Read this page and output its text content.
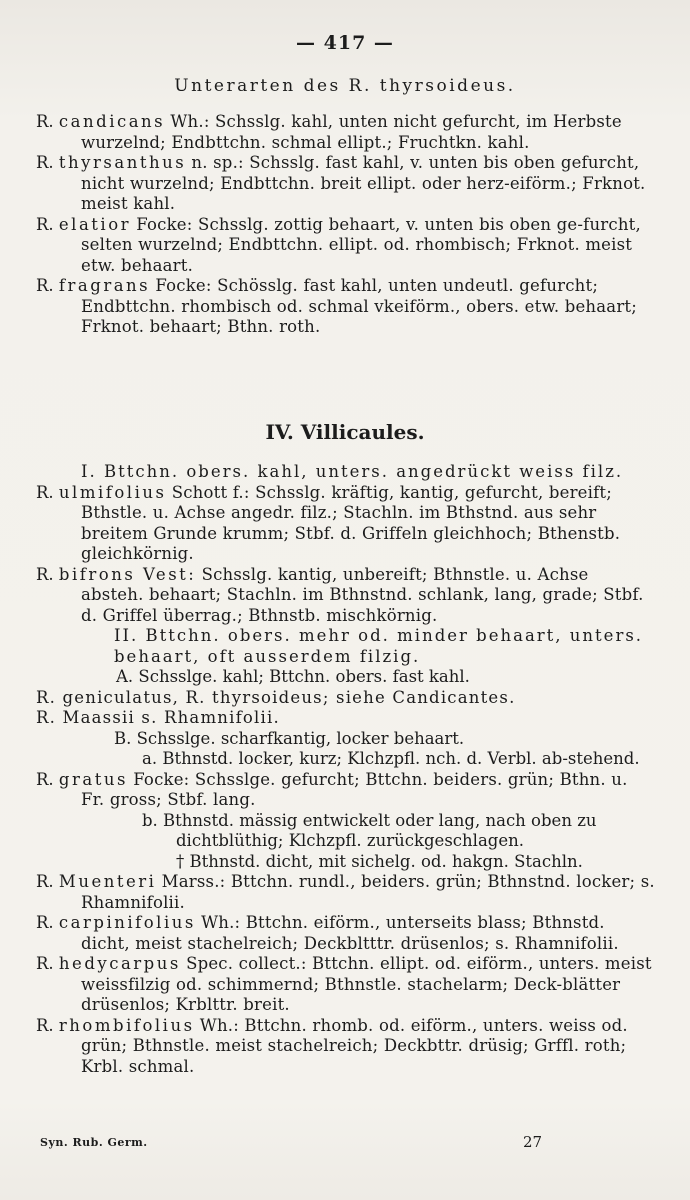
— 417 —
Unterarten des R. thyrsoideus.

R. candicans Wh.: Schsslg. kahl, unten nicht gefurcht, im Herbste wurzelnd; Endbttchn. schmal ellipt.; Fruchtkn. kahl.

R. thyrsanthus n. sp.: Schsslg. fast kahl, v. unten bis oben gefurcht, nicht wurzelnd; Endbttchn. breit ellipt. oder herz-eiförm.; Frknot. meist kahl.

R. elatior Focke: Schsslg. zottig behaart, v. unten bis oben ge-furcht, selten wurzelnd; Endbttchn. ellipt. od. rhombisch; Frknot. meist etw. behaart.

R. fragrans Focke: Schösslg. fast kahl, unten undeutl. gefurcht; Endbttchn. rhombisch od. schmal vkeiförm., obers. etw. behaart; Frknot. behaart; Bthn. roth.

IV. Villicaules.

I. Bttchn. obers. kahl, unters. angedrückt weiss filz.

R. ulmifolius Schott f.: Schsslg. kräftig, kantig, gefurcht, bereift; Bthstle. u. Achse angedr. filz.; Stachln. im Bthstnd. aus sehr breitem Grunde krumm; Stbf. d. Griffeln gleichhoch; Bthenstb. gleichkörnig.

R. bifrons Vest: Schsslg. kantig, unbereift; Bthnstle. u. Achse absteh. behaart; Stachln. im Bthnstnd. schlank, lang, grade; Stbf. d. Griffel überrag.; Bthnstb. mischkörnig.

II. Bttchn. obers. mehr od. minder behaart, unters. behaart, oft ausserdem filzig.

A. Schsslge. kahl; Bttchn. obers. fast kahl.

R. geniculatus, R. thyrsoideus; siehe Candicantes.

R. Maassii s. Rhamnifolii.

B. Schsslge. scharfkantig, locker behaart.

a. Bthnstd. locker, kurz; Klchzpfl. nch. d. Verbl. ab-stehend.

R. gratus Focke: Schsslge. gefurcht; Bttchn. beiders. grün; Bthn. u. Fr. gross; Stbf. lang.

b. Bthnstd. mässig entwickelt oder lang, nach oben zu dichtblüthig; Klchzpfl. zurückgeschlagen.

† Bthnstd. dicht, mit sichelg. od. hakgn. Stachln.

R. Muenteri Marss.: Bttchn. rundl., beiders. grün; Bthnstnd. locker; s. Rhamnifolii.

R. carpinifolius Wh.: Bttchn. eiförm., unterseits blass; Bthnstd. dicht, meist stachelreich; Deckbltttr. drüsenlos; s. Rhamnifolii.

R. hedycarpus Spec. collect.: Bttchn. ellipt. od. eiförm., unters. meist weissfilzig od. schimmernd; Bthnstle. stachelarm; Deck-blätter drüsenlos; Krblttr. breit.

R. rhombifolius Wh.: Bttchn. rhomb. od. eiförm., unters. weiss od. grün; Bthnstle. meist stachelreich; Deckbttr. drüsig; Grffl. roth; Krbl. schmal.

Syn. Rub. Germ.	27
